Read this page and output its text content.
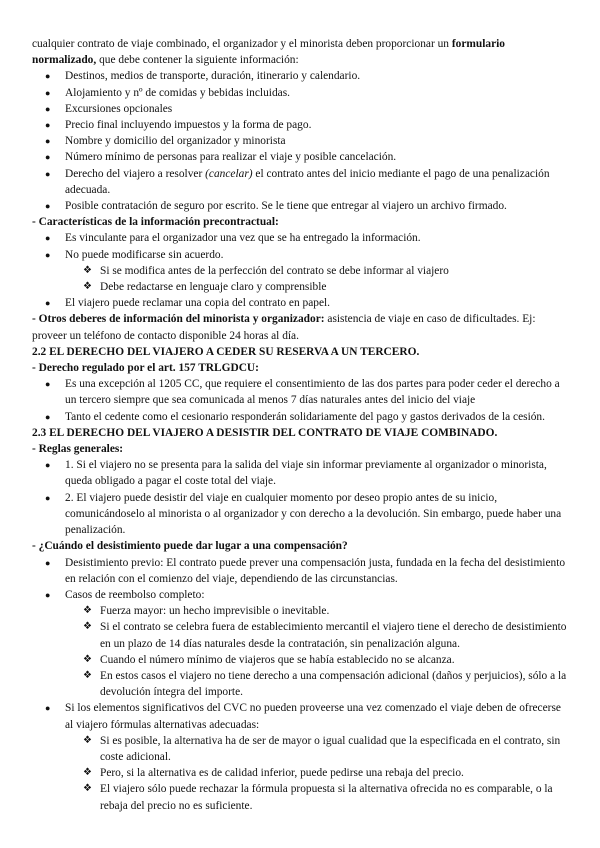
cualquier contrato de viaje combinado, el organizador y el minorista deben proporcionar un formulario normalizado, que debe contener la siguiente información:

● Destinos, medios de transporte, duración, itinerario y calendario.
● Alojamiento y nº de comidas y bebidas incluidas.
● Excursiones opcionales
● Precio final incluyendo impuestos y la forma de pago.
● Nombre y domicilio del organizador y minorista
● Número mínimo de personas para realizar el viaje y posible cancelación.
● Derecho del viajero a resolver (cancelar) el contrato antes del inicio mediante el pago de una penalización adecuada.
● Posible contratación de seguro por escrito. Se le tiene que entregar al viajero un archivo firmado.

- Características de la información precontractual:

● Es vinculante para el organizador una vez que se ha entregado la información.
● No puede modificarse sin acuerdo.
❖ Si se modifica antes de la perfección del contrato se debe informar al viajero
❖ Debe redactarse en lenguaje claro y comprensible
● El viajero puede reclamar una copia del contrato en papel.

- Otros deberes de información del minorista y organizador: asistencia de viaje en caso de dificultades. Ej: proveer un teléfono de contacto disponible 24 horas al día.

2.2 EL DERECHO DEL VIAJERO A CEDER SU RESERVA A UN TERCERO.

- Derecho regulado por el art. 157 TRLGDCU:

● Es una excepción al 1205 CC, que requiere el consentimiento de las dos partes para poder ceder el derecho a un tercero siempre que sea comunicada al menos 7 días naturales antes del inicio del viaje
● Tanto el cedente como el cesionario responderán solidariamente del pago y gastos derivados de la cesión.

2.3 EL DERECHO DEL VIAJERO A DESISTIR DEL CONTRATO DE VIAJE COMBINADO.

- Reglas generales:

● 1. Si el viajero no se presenta para la salida del viaje sin informar previamente al organizador o minorista, queda obligado a pagar el coste total del viaje.
● 2. El viajero puede desistir del viaje en cualquier momento por deseo propio antes de su inicio, comunicándoselo al minorista o al organizador y con derecho a la devolución. Sin embargo, puede haber una penalización.

- ¿Cuándo el desistimiento puede dar lugar a una compensación?

● Desistimiento previo: El contrato puede prever una compensación justa, fundada en la fecha del desistimiento en relación con el comienzo del viaje, dependiendo de las circunstancias.
● Casos de reembolso completo:
❖ Fuerza mayor: un hecho imprevisible o inevitable.
❖ Si el contrato se celebra fuera de establecimiento mercantil el viajero tiene el derecho de desistimiento en un plazo de 14 días naturales desde la contratación, sin penalización alguna.
❖ Cuando el número mínimo de viajeros que se había establecido no se alcanza.
❖ En estos casos el viajero no tiene derecho a una compensación adicional (daños y perjuicios), sólo a la devolución íntegra del importe.
● Si los elementos significativos del CVC no pueden proveerse una vez comenzado el viaje deben de ofrecerse al viajero fórmulas alternativas adecuadas:
❖ Si es posible, la alternativa ha de ser de mayor o igual cualidad que la especificada en el contrato, sin coste adicional.
❖ Pero, si la alternativa es de calidad inferior, puede pedirse una rebaja del precio.
❖ El viajero sólo puede rechazar la fórmula propuesta si la alternativa ofrecida no es comparable, o la rebaja del precio no es suficiente.
